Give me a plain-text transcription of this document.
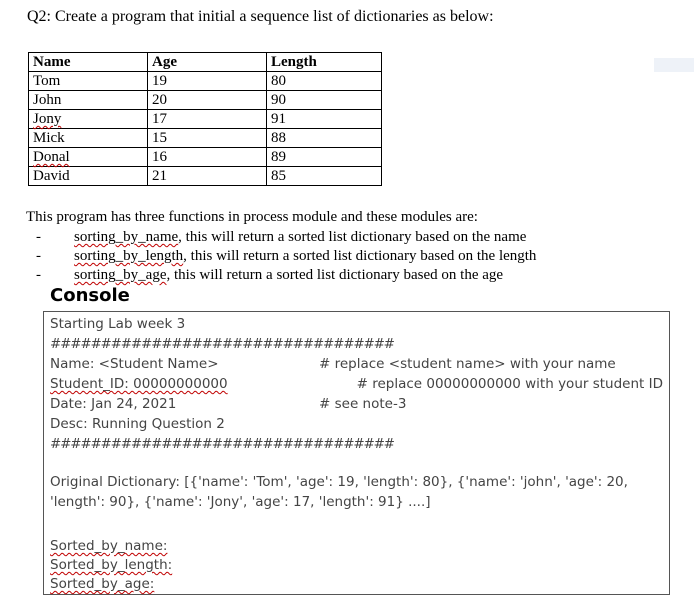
Q2: Create a program that initial a sequence list of dictionaries as below:
Name	Age	Length
Tom	19	80
John	20	90
Jony	17	91
Mick	15	88
Donal	16	89
David	21	85
This program has three functions in process module and these modules are:
- sorting_by_name, this will return a sorted list dictionary based on the name
- sorting_by_length, this will return a sorted list dictionary based on the length
- sorting_by_age, this will return a sorted list dictionary based on the age
Console
Starting Lab week 3
##################################
Name: <Student Name>	# replace <student name> with your name
Student_ID: 00000000000	# replace 00000000000 with your student ID
Date: Jan 24, 2021	# see note-3
Desc: Running Question 2
##################################
Original Dictionary: [{'name': 'Tom', 'age': 19, 'length': 80}, {'name': 'john', 'age': 20, 'length': 90}, {'name': 'Jony', 'age': 17, 'length': 91} ....]
Sorted_by_name:
Sorted_by_length:
Sorted_by_age:
